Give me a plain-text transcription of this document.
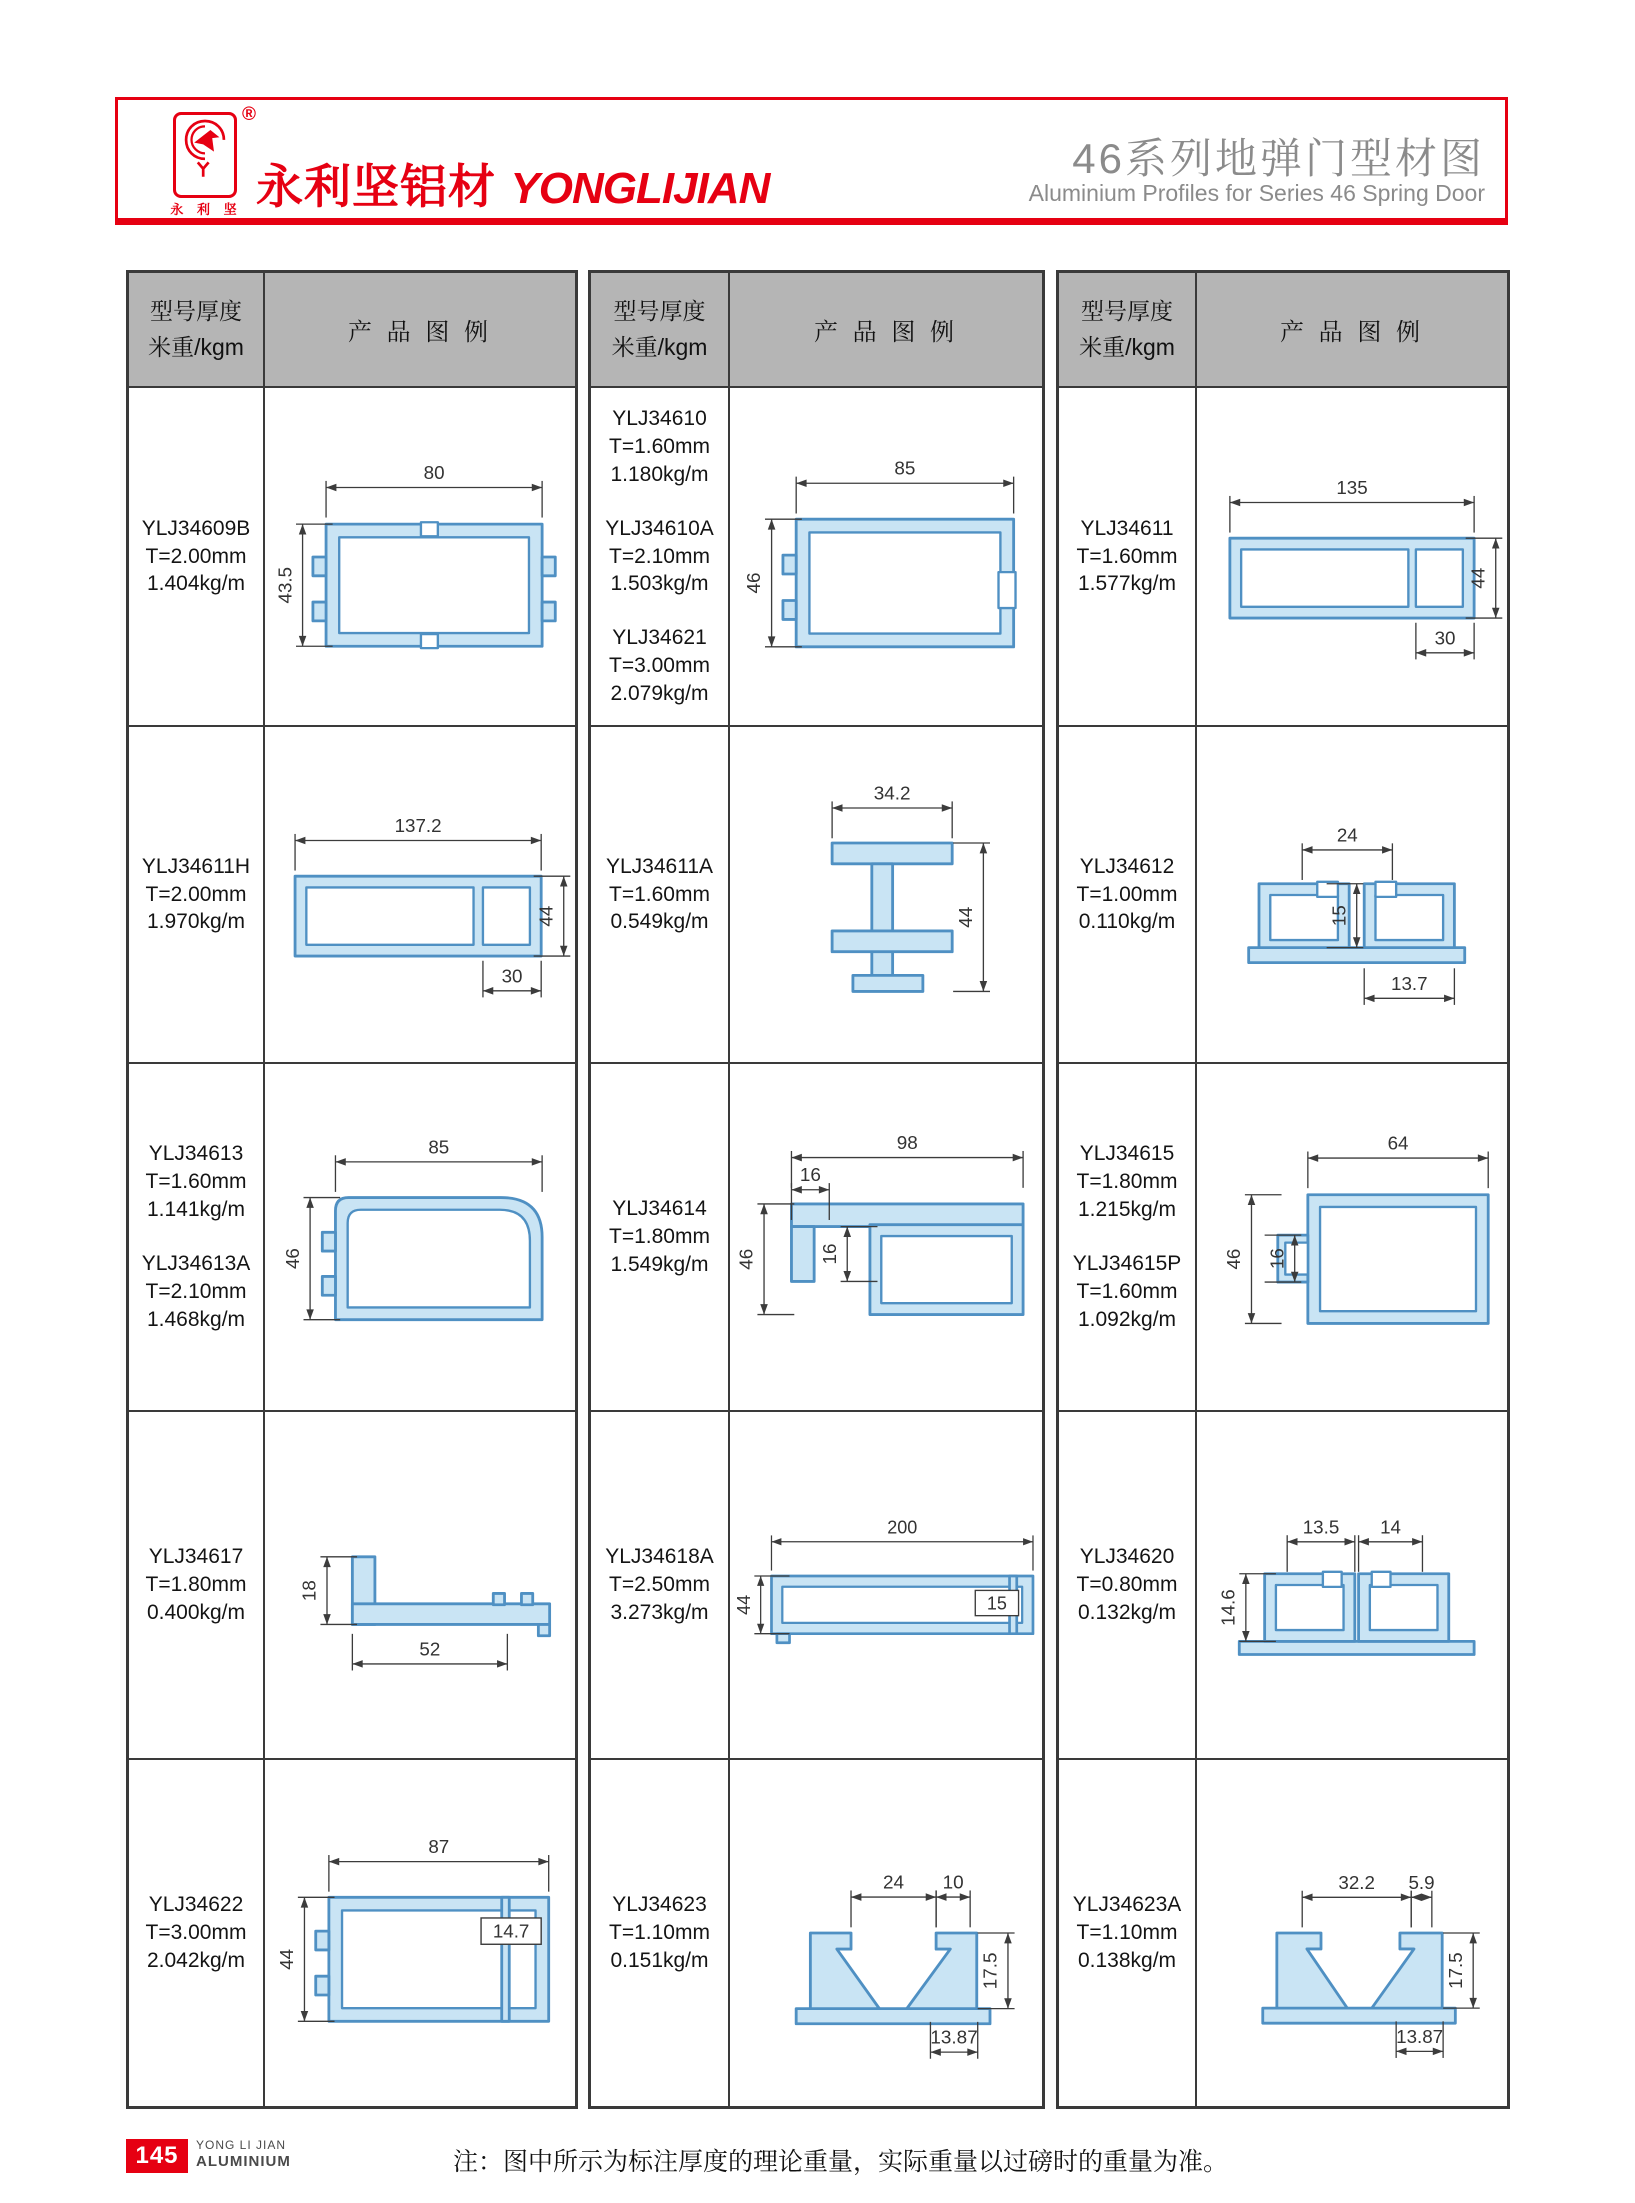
永 利 坚
®
永利坚铝材 YONGLIJIAN
46系列地弹门型材图
Aluminium Profiles for Series 46 Spring Door
型号厚度
米重/kgm
产 品 图 例
YLJ34609B
T=2.00mm
1.404kg/m
80
43.5
YLJ34611H
T=2.00mm
1.970kg/m
137.2
44
30
YLJ34613
T=1.60mm
1.141kg/m
YLJ34613A
T=2.10mm
1.468kg/m
85
46
YLJ34617
T=1.80mm
0.400kg/m
18
52
YLJ34622
T=3.00mm
2.042kg/m
14.7
87
44
型号厚度
米重/kgm
产 品 图 例
YLJ34610
T=1.60mm
1.180kg/m
YLJ34610A
T=2.10mm
1.503kg/m
YLJ34621
T=3.00mm
2.079kg/m
85
46
YLJ34611A
T=1.60mm
0.549kg/m
34.2
44
YLJ34614
T=1.80mm
1.549kg/m
98
16
46	16
YLJ34618A
T=2.50mm
3.273kg/m	15
200
44
YLJ34623
T=1.10mm
0.151kg/m
24 10
17.5
13.87
型号厚度
米重/kgm
产 品 图 例
YLJ34611
T=1.60mm
1.577kg/m
135
44
30
YLJ34612
T=1.00mm
0.110kg/m
24
15
13.7
YLJ34615
T=1.80mm
1.215kg/m
YLJ34615P
T=1.60mm
1.092kg/m
64
46 16
YLJ34620
T=0.80mm
0.132kg/m
13.5 14
14.6
YLJ34623A
T=1.10mm
0.138kg/m
32.2 5.9
17.5
13.87
145	YONG LI JIAN
ALUMINIUM	注：图中所示为标注厚度的理论重量，实际重量以过磅时的重量为准。
